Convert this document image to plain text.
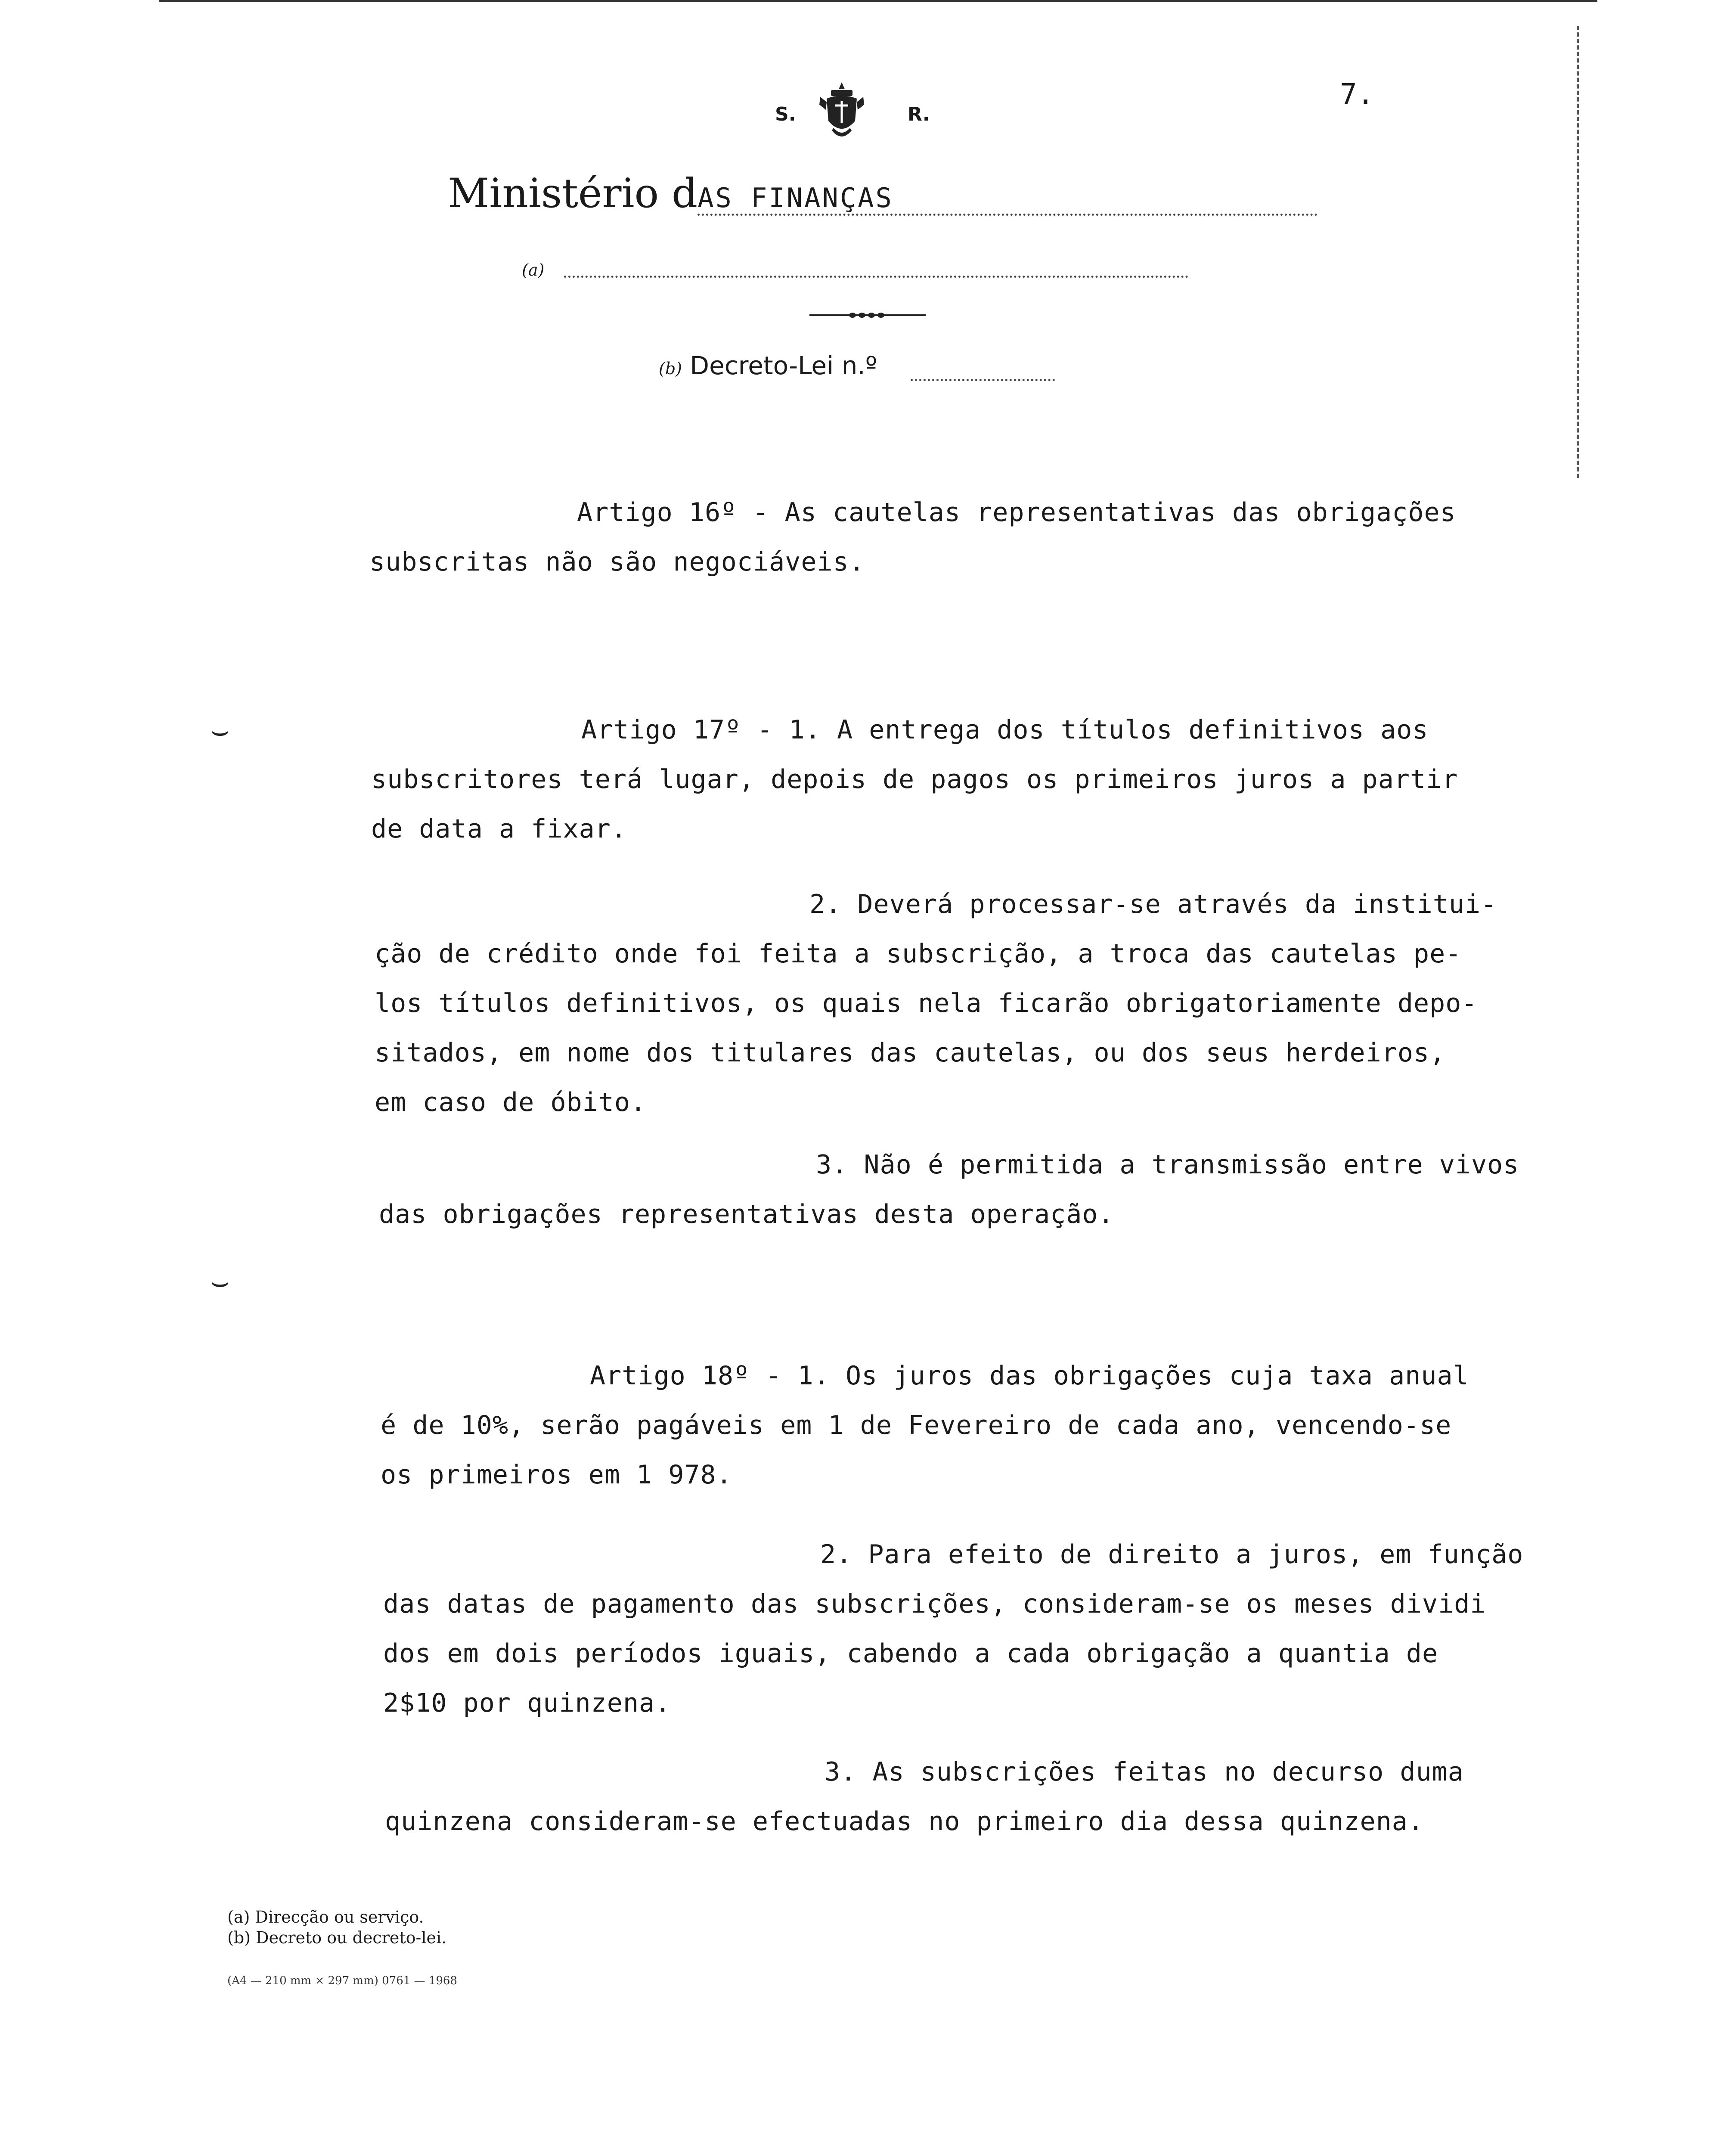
S.	R.
7.
Ministério dAS FINANÇAS
(a)
(b) Decreto-Lei n.º
Artigo 16º - As cautelas representativas das obrigações
subscritas não são negociáveis.
⌣	Artigo 17º - 1. A entrega dos títulos definitivos aos
subscritores terá lugar, depois de pagos os primeiros juros a partir
de data a fixar.
2. Deverá processar-se através da institui-
ção de crédito onde foi feita a subscrição, a troca das cautelas pe-
los títulos definitivos, os quais nela ficarão obrigatoriamente depo-
sitados, em nome dos titulares das cautelas, ou dos seus herdeiros,
em caso de óbito.
3. Não é permitida a transmissão entre vivos
das obrigações representativas desta operação.
⌣
Artigo 18º - 1. Os juros das obrigações cuja taxa anual
é de 10%, serão pagáveis em 1 de Fevereiro de cada ano, vencendo-se
os primeiros em 1 978.
2. Para efeito de direito a juros, em função
das datas de pagamento das subscrições, consideram-se os meses dividi
dos em dois períodos iguais, cabendo a cada obrigação a quantia de
2$10 por quinzena.
3. As subscrições feitas no decurso duma
quinzena consideram-se efectuadas no primeiro dia dessa quinzena.
(a) Direcção ou serviço.
(b) Decreto ou decreto-lei.
(A4 — 210 mm × 297 mm) 0761 — 1968
